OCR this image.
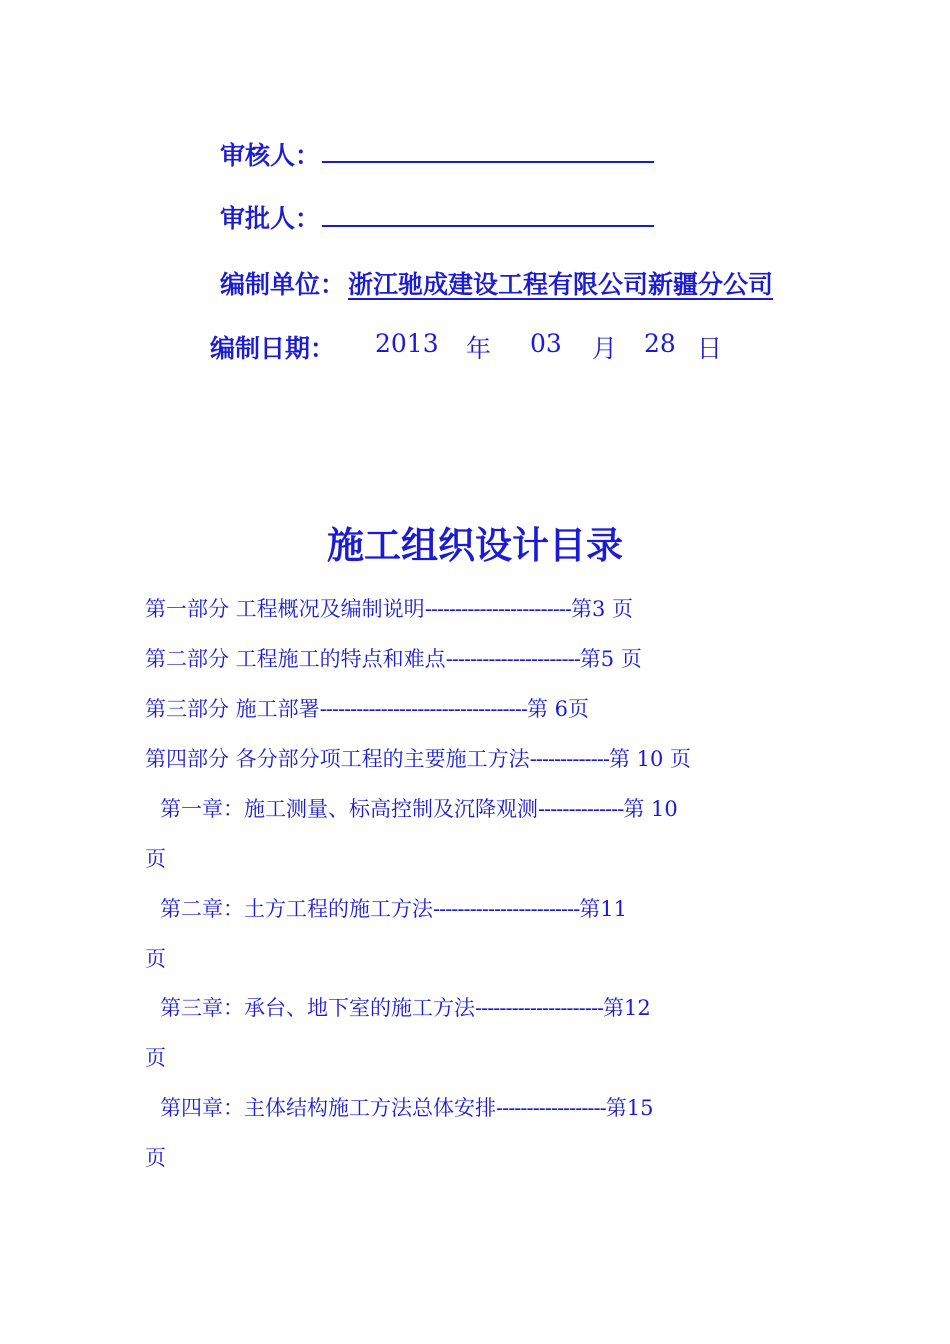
审核人：
审批人：
编制单位： 浙江驰成建设工程有限公司新疆分公司
编制日期： 2013 年 03 月 28 日
施工组织设计目录
第一部分 工程概况及编制说明------------------------第3 页
第二部分 工程施工的特点和难点----------------------第5 页
第三部分 施工部署----------------------------------第 6页
第四部分 各分部分项工程的主要施工方法-------------第 10 页
第一章：施工测量、标高控制及沉降观测--------------第 10
页
第二章：土方工程的施工方法------------------------第11
页
第三章：承台、地下室的施工方法---------------------第12
页
第四章：主体结构施工方法总体安排------------------第15
页
